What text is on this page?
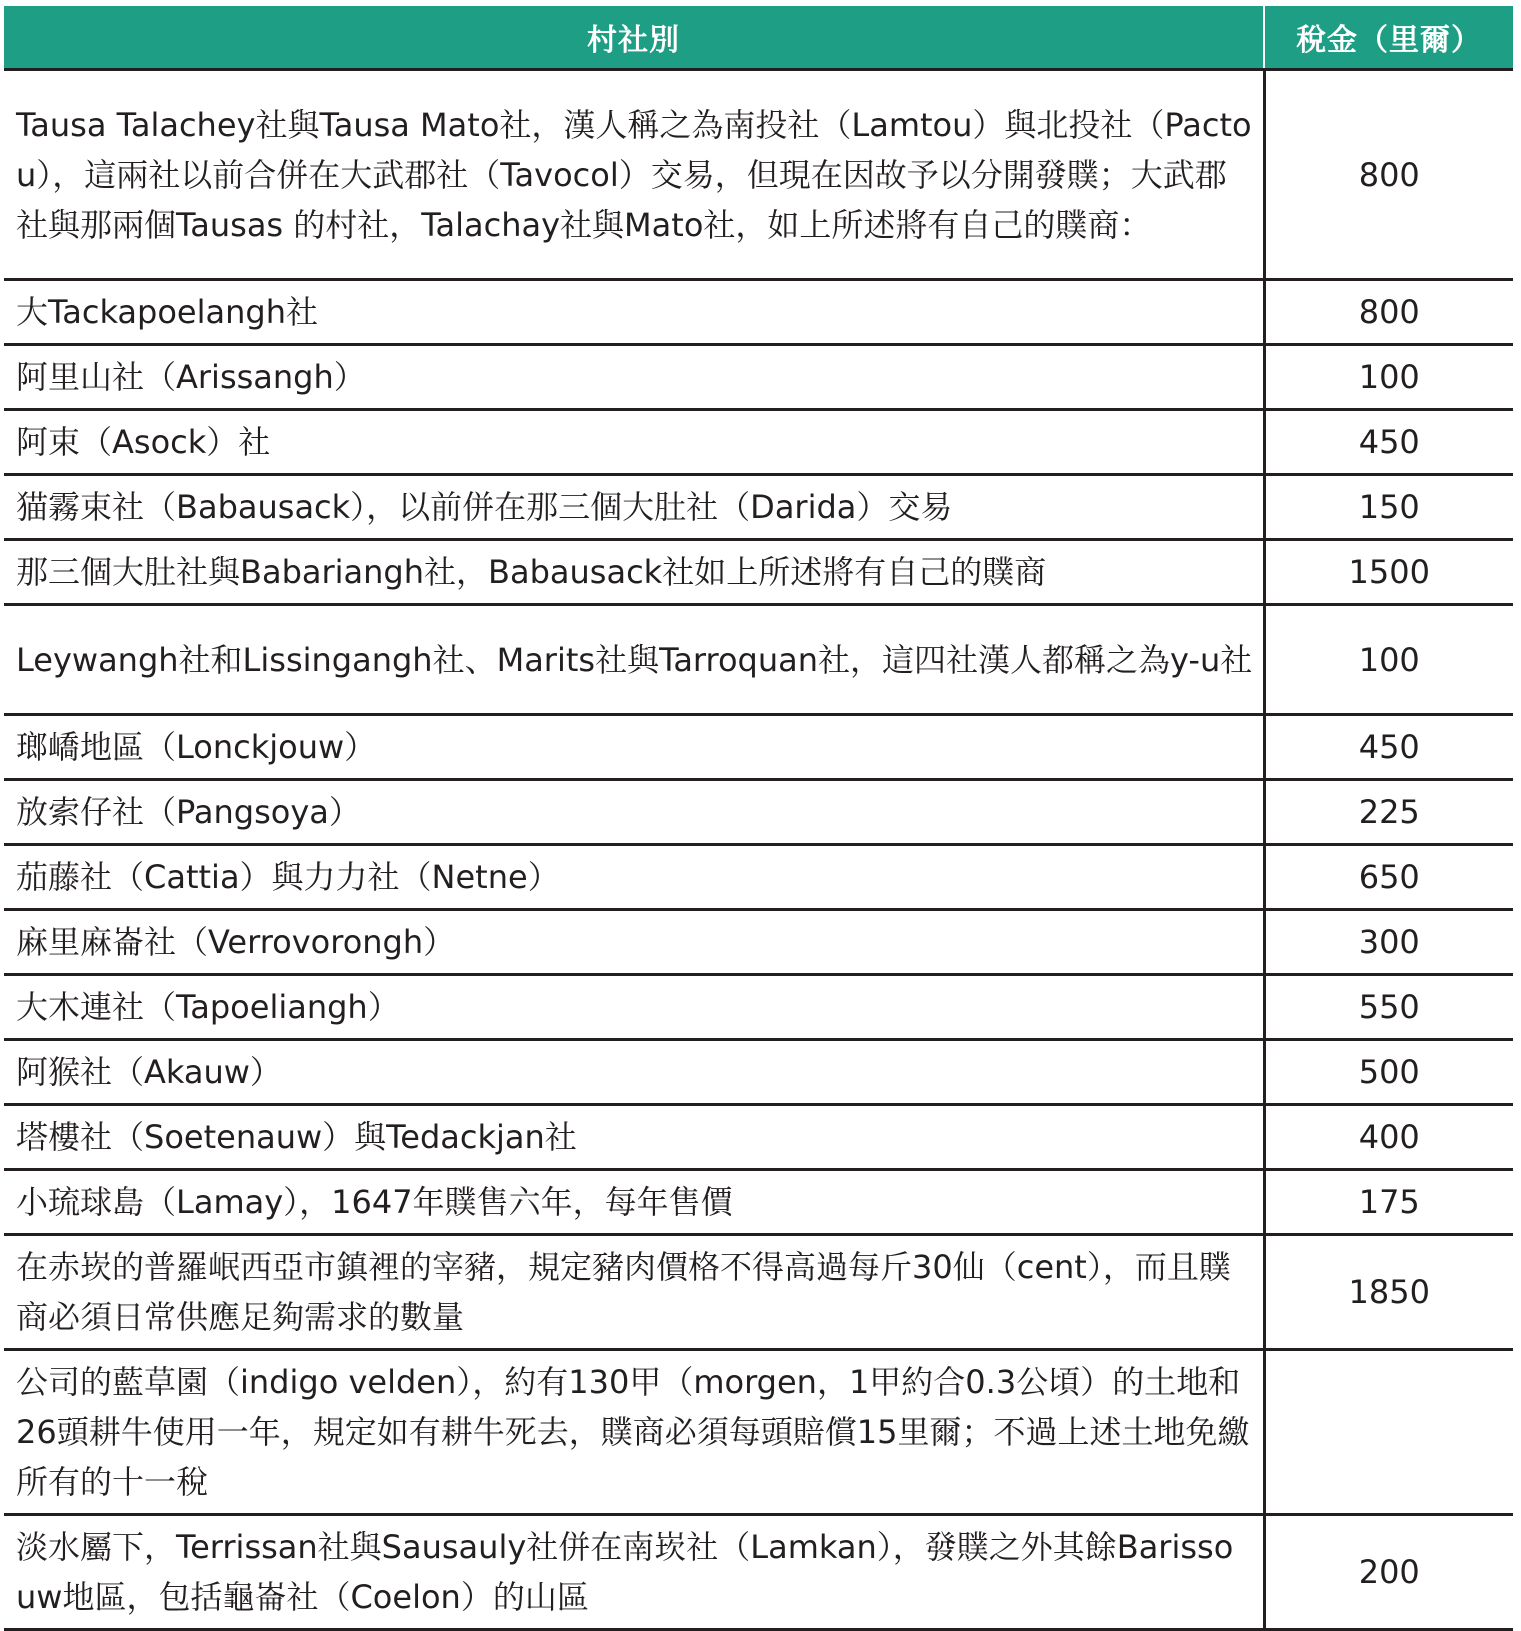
村社別	稅金（里爾）
Tausa Talachey社與Tausa Mato社，漢人稱之為南投社（Lamtou）與北投社（Pactou），這兩社以前合併在大武郡社（Tavocol）交易，但現在因故予以分開發贌；大武郡社與那兩個Tausas 的村社，Talachay社與Mato社，如上所述將有自己的贌商：	800
大Tackapoelangh社	800
阿里山社（Arissangh）	100
阿束（Asock）社	450
猫霧束社（Babausack），以前併在那三個大肚社（Darida）交易	150
那三個大肚社與Babariangh社，Babausack社如上所述將有自己的贌商	1500
Leywangh社和Lissingangh社、Marits社與Tarroquan社，這四社漢人都稱之為y-u社	100
瑯嶠地區（Lonckjouw）	450
放索仔社（Pangsoya）	225
茄藤社（Cattia）與力力社（Netne）	650
麻里麻崙社（Verrovorongh）	300
大木連社（Tapoeliangh）	550
阿猴社（Akauw）	500
塔樓社（Soetenauw）與Tedackjan社	400
小琉球島（Lamay），1647年贌售六年，每年售價	175
在赤崁的普羅岷西亞市鎮裡的宰豬，規定豬肉價格不得高過每斤30仙（cent），而且贌商必須日常供應足夠需求的數量	1850
公司的藍草園（indigo velden），約有130甲（morgen，1甲約合0.3公頃）的土地和26頭耕牛使用一年，規定如有耕牛死去，贌商必須每頭賠償15里爾；不過上述土地免繳所有的十一稅	
淡水屬下，Terrissan社與Sausauly社併在南崁社（Lamkan），發贌之外其餘Barissouw地區，包括龜崙社（Coelon）的山區	200
